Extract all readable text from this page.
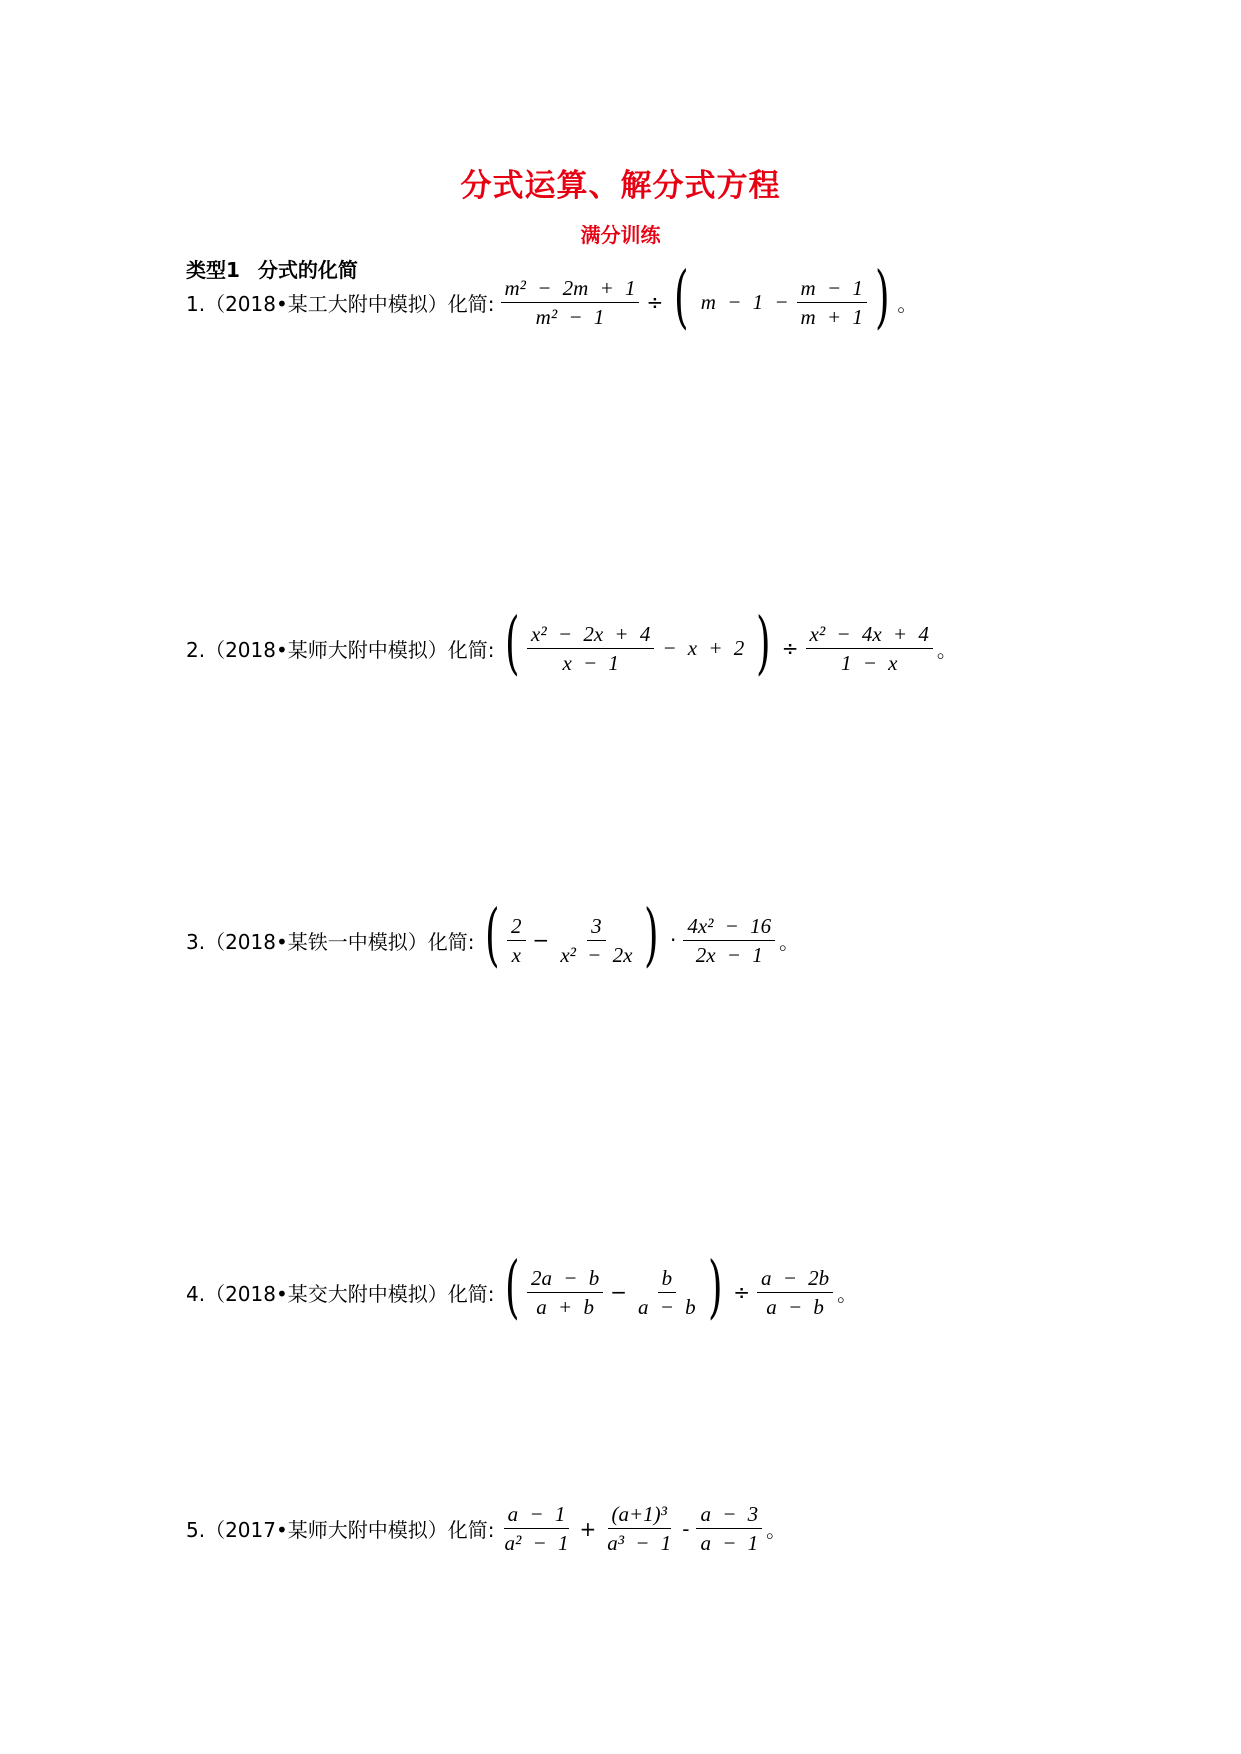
分式运算、解分式方程
满分训练
类型1 分式的化简
1.（2018•某工大附中模拟）化简: $\frac{\text{m² − 2m + 1}}{\text{m² − 1}}$ ÷ ( $m - 1 - \frac{m - 1}{m + 1}$ ) 。
2.（2018•某师大附中模拟）化简: ( $\frac{\text{x² − 2x + 4}}{x - 1} - x + 2$ ) ÷ $\frac{\text{x² − 4x + 4}}{1 - x}$ 。
3.（2018•某铁一中模拟）化简: ( $\frac{2}{x} - \frac{3}{\text{x² − 2x}}$ ) · $\frac{\text{4x² − 16}}{2x - 1}$ 。
4.（2018•某交大附中模拟）化简: ( $\frac{2a - b}{a + b} - \frac{b}{a - b}$ ) ÷ $\frac{a - 2b}{a - b}$ 。
5.（2017•某师大附中模拟）化简: $\frac{a - 1}{\text{a² − 1}} + \frac{\text{(a+1)³}}{\text{a³ − 1}} - \frac{a - 3}{a - 1}$ 。
